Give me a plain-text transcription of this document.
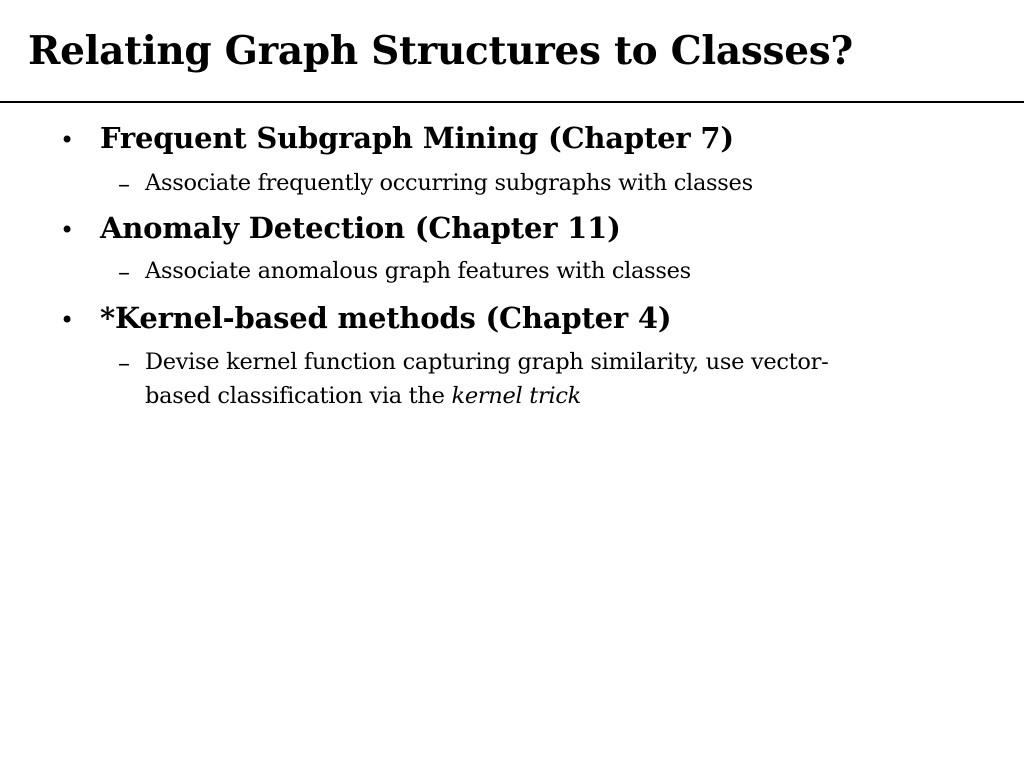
Relating Graph Structures to Classes?
• Frequent Subgraph Mining (Chapter 7)
– Associate frequently occurring subgraphs with classes
• Anomaly Detection (Chapter 11)
– Associate anomalous graph features with classes
• *Kernel-based methods (Chapter 4)
– Devise kernel function capturing graph similarity, use vector-
based classification via the kernel trick
